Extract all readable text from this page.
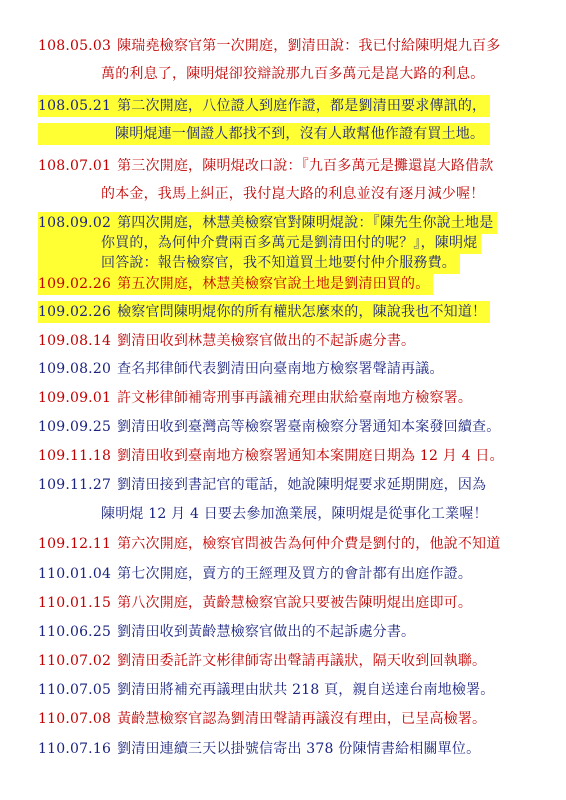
108.05.03 陳瑞堯檢察官第一次開庭，劉清田說：我已付給陳明焜九百多
萬的利息了，陳明焜卻狡辯說那九百多萬元是崑大路的利息。
108.05.21 第二次開庭，八位證人到庭作證，都是劉清田要求傳訊的，
陳明焜連一個證人都找不到，沒有人敢幫他作證有買土地。
108.07.01 第三次開庭，陳明焜改口說：『九百多萬元是攤還崑大路借款
的本金，我馬上糾正，我付崑大路的利息並沒有逐月減少喔！
108.09.02 第四次開庭，林慧美檢察官對陳明焜說：『陳先生你說土地是
你買的，為何仲介費兩百多萬元是劉清田付的呢？』，陳明焜
回答說：報告檢察官，我不知道買土地要付仲介服務費。
109.02.26 第五次開庭，林慧美檢察官說土地是劉清田買的。
109.02.26 檢察官問陳明焜你的所有權狀怎麼來的，陳說我也不知道！
109.08.14 劉清田收到林慧美檢察官做出的不起訴處分書。
109.08.20 查名邦律師代表劉清田向臺南地方檢察署聲請再議。
109.09.01 許文彬律師補寄刑事再議補充理由狀給臺南地方檢察署。
109.09.25 劉清田收到臺灣高等檢察署臺南檢察分署通知本案發回續查。
109.11.18 劉清田收到臺南地方檢察署通知本案開庭日期為 12 月 4 日。
109.11.27 劉清田接到書記官的電話，她說陳明焜要求延期開庭，因為
陳明焜 12 月 4 日要去參加漁業展，陳明焜是從事化工業喔！
109.12.11 第六次開庭，檢察官問被告為何仲介費是劉付的，他說不知道
110.01.04 第七次開庭，賣方的王經理及買方的會計都有出庭作證。
110.01.15 第八次開庭，黃齡慧檢察官說只要被告陳明焜出庭即可。
110.06.25 劉清田收到黃齡慧檢察官做出的不起訴處分書。
110.07.02 劉清田委託許文彬律師寄出聲請再議狀，隔天收到回執聯。
110.07.05 劉清田將補充再議理由狀共 218 頁，親自送達台南地檢署。
110.07.08 黃齡慧檢察官認為劉清田聲請再議沒有理由，已呈高檢署。
110.07.16 劉清田連續三天以掛號信寄出 378 份陳情書給相關單位。
